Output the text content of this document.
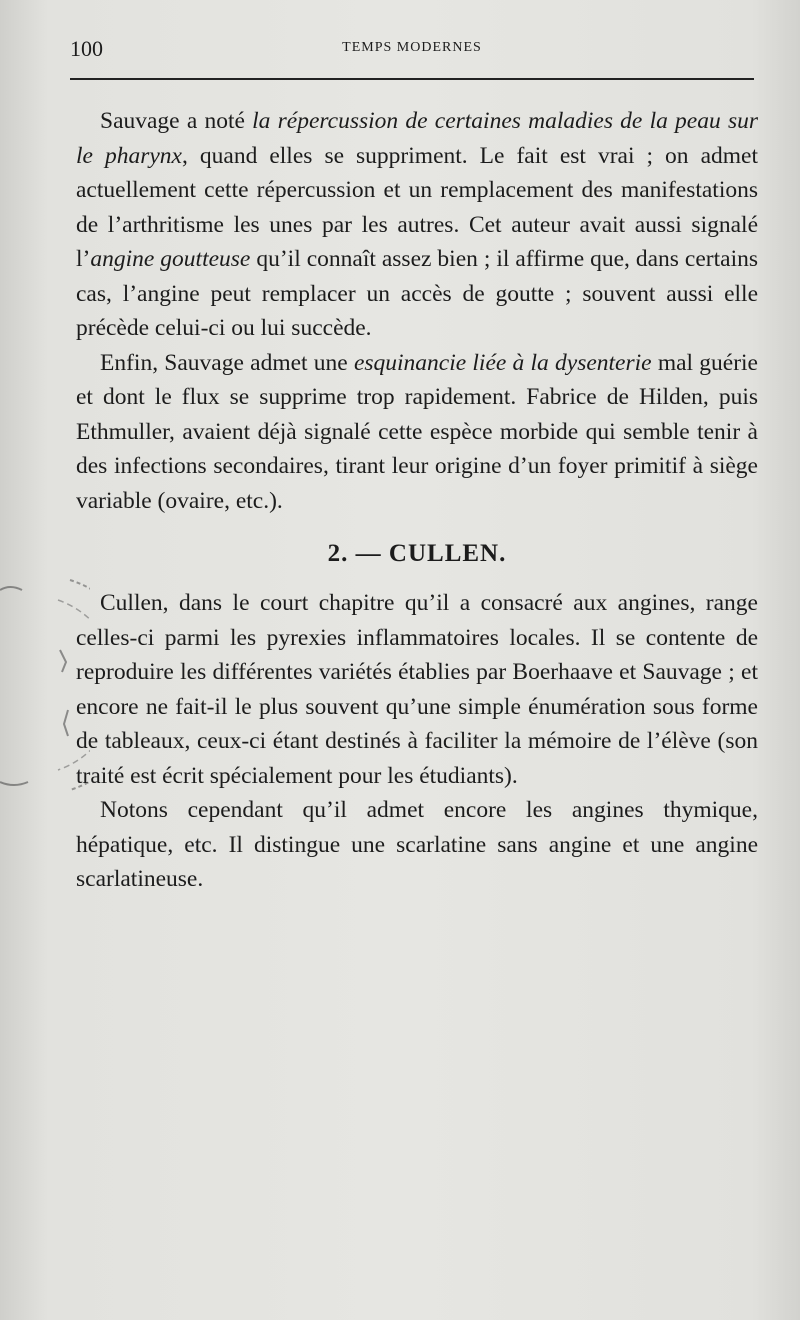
100	TEMPS MODERNES

Sauvage a noté la répercussion de certaines maladies de la peau sur le pharynx, quand elles se suppriment. Le fait est vrai ; on admet actuellement cette répercussion et un remplacement des manifestations de l’arthritisme les unes par les autres. Cet auteur avait aussi signalé l’angine goutteuse qu’il connaît assez bien ; il affirme que, dans certains cas, l’angine peut remplacer un accès de goutte ; souvent aussi elle précède celui-ci ou lui succède.

Enfin, Sauvage admet une esquinancie liée à la dysenterie mal guérie et dont le flux se supprime trop rapidement. Fabrice de Hilden, puis Ethmuller, avaient déjà signalé cette espèce morbide qui semble tenir à des infections secondaires, tirant leur origine d’un foyer primitif à siège variable (ovaire, etc.).

2. — CULLEN.

Cullen, dans le court chapitre qu’il a consacré aux angines, range celles-ci parmi les pyrexies inflammatoires locales. Il se contente de reproduire les différentes variétés établies par Boerhaave et Sauvage ; et encore ne fait-il le plus souvent qu’une simple énumération sous forme de tableaux, ceux-ci étant destinés à faciliter la mémoire de l’élève (son traité est écrit spécialement pour les étudiants).

Notons cependant qu’il admet encore les angines thymique, hépatique, etc. Il distingue une scarlatine sans angine et une angine scarlatineuse.
